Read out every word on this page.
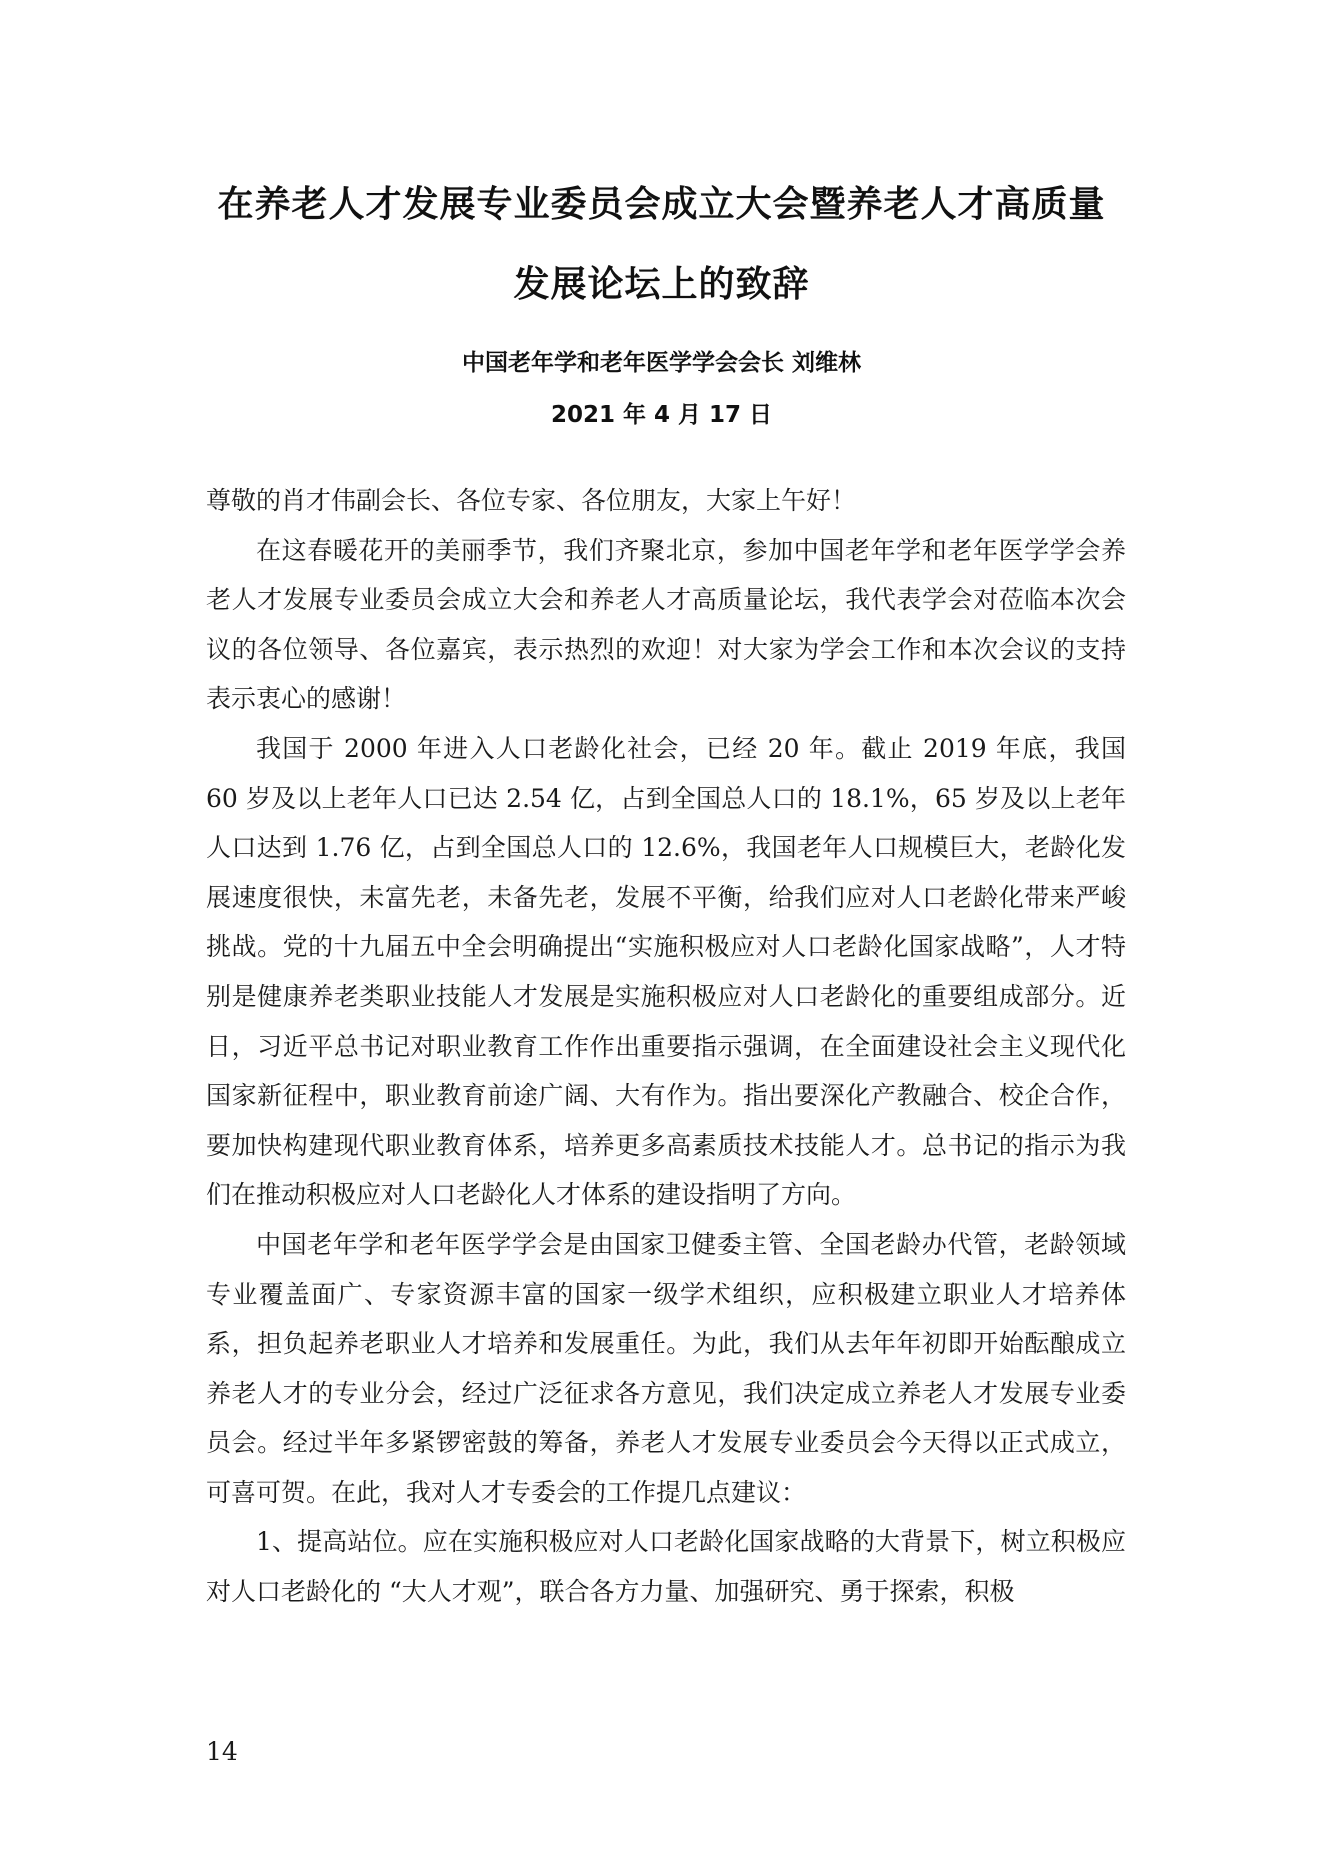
在养老人才发展专业委员会成立大会暨养老人才高质量
发展论坛上的致辞
中国老年学和老年医学学会会长 刘维林
2021 年 4 月 17 日

尊敬的肖才伟副会长、各位专家、各位朋友，大家上午好！

在这春暖花开的美丽季节，我们齐聚北京，参加中国老年学和老年医学学会养老人才发展专业委员会成立大会和养老人才高质量论坛，我代表学会对莅临本次会议的各位领导、各位嘉宾，表示热烈的欢迎！对大家为学会工作和本次会议的支持表示衷心的感谢！

我国于 2000 年进入人口老龄化社会，已经 20 年。截止 2019 年底，我国 60 岁及以上老年人口已达 2.54 亿，占到全国总人口的 18.1%，65 岁及以上老年人口达到 1.76 亿，占到全国总人口的 12.6%，我国老年人口规模巨大，老龄化发展速度很快，未富先老，未备先老，发展不平衡，给我们应对人口老龄化带来严峻挑战。党的十九届五中全会明确提出“实施积极应对人口老龄化国家战略”，人才特别是健康养老类职业技能人才发展是实施积极应对人口老龄化的重要组成部分。近日，习近平总书记对职业教育工作作出重要指示强调，在全面建设社会主义现代化国家新征程中，职业教育前途广阔、大有作为。指出要深化产教融合、校企合作，要加快构建现代职业教育体系，培养更多高素质技术技能人才。总书记的指示为我们在推动积极应对人口老龄化人才体系的建设指明了方向。

中国老年学和老年医学学会是由国家卫健委主管、全国老龄办代管，老龄领域专业覆盖面广、专家资源丰富的国家一级学术组织，应积极建立职业人才培养体系，担负起养老职业人才培养和发展重任。为此，我们从去年年初即开始酝酿成立养老人才的专业分会，经过广泛征求各方意见，我们决定成立养老人才发展专业委员会。经过半年多紧锣密鼓的筹备，养老人才发展专业委员会今天得以正式成立，可喜可贺。在此，我对人才专委会的工作提几点建议：

1、提高站位。应在实施积极应对人口老龄化国家战略的大背景下，树立积极应对人口老龄化的 “大人才观”，联合各方力量、加强研究、勇于探索，积极

14
